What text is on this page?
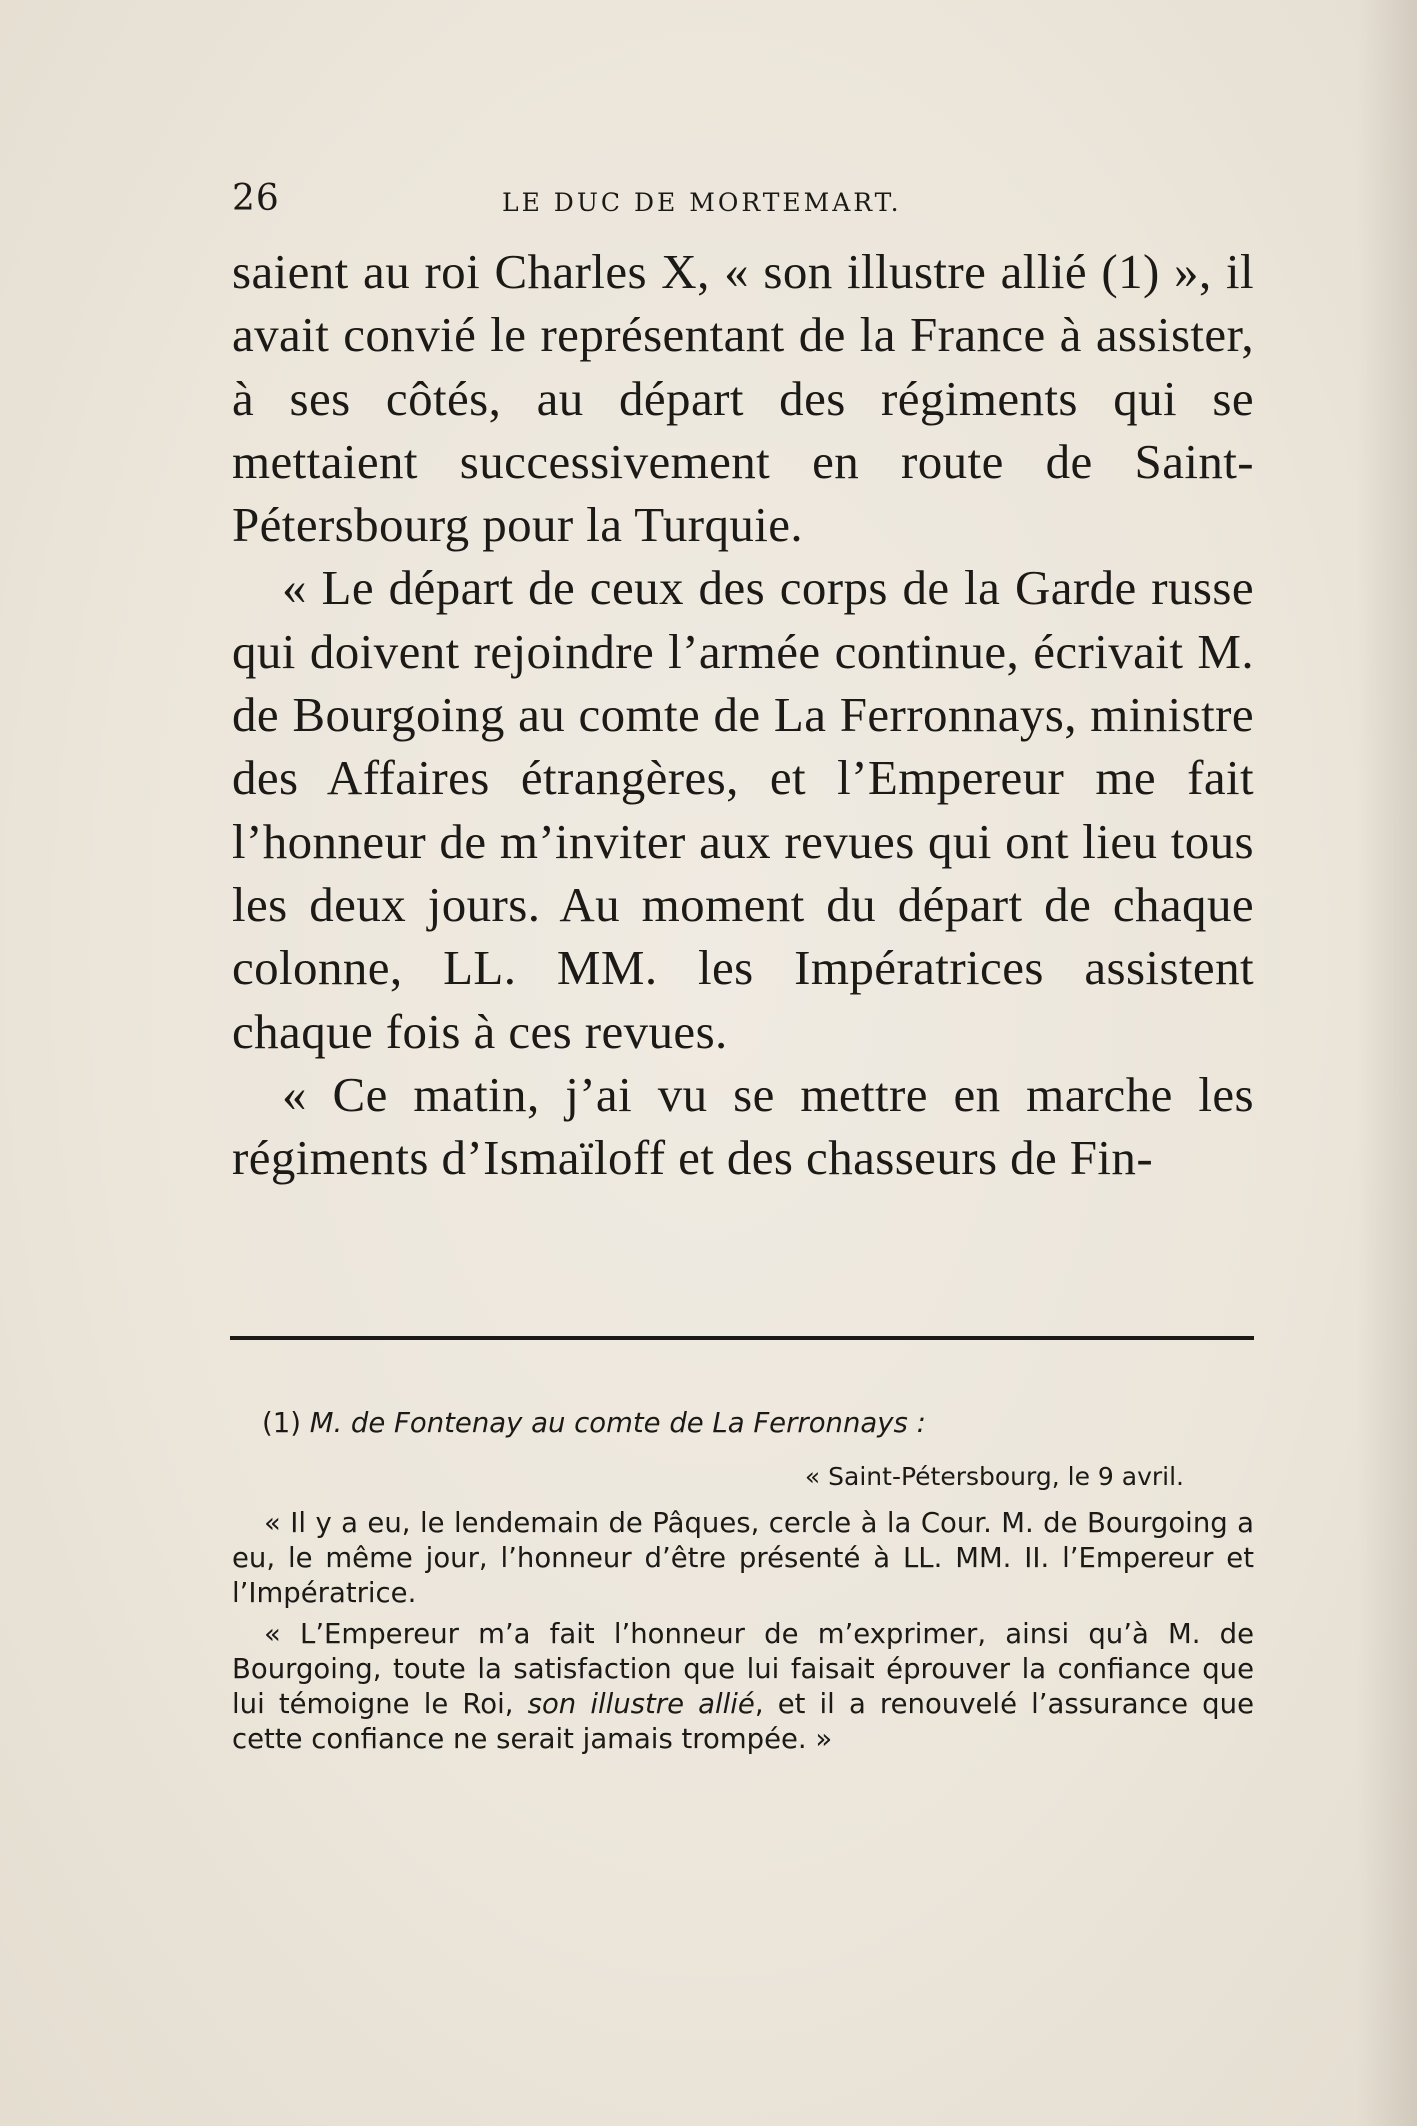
26	LE DUC DE MORTEMART.

saient au roi Charles X, « son illustre allié (1) », il avait convié le représentant de la France à assister, à ses côtés, au départ des régiments qui se mettaient successivement en route de Saint-Pétersbourg pour la Turquie.

« Le départ de ceux des corps de la Garde russe qui doivent rejoindre l’armée continue, écrivait M. de Bourgoing au comte de La Ferronnays, ministre des Affaires étrangères, et l’Empereur me fait l’honneur de m’inviter aux revues qui ont lieu tous les deux jours. Au moment du départ de chaque colonne, LL. MM. les Impératrices assistent chaque fois à ces revues.

« Ce matin, j’ai vu se mettre en marche les régiments d’Ismaïloff et des chasseurs de Fin-

(1) M. de Fontenay au comte de La Ferronnays :

« Saint-Pétersbourg, le 9 avril.

« Il y a eu, le lendemain de Pâques, cercle à la Cour. M. de Bourgoing a eu, le même jour, l’honneur d’être présenté à LL. MM. II. l’Empereur et l’Impératrice.

« L’Empereur m’a fait l’honneur de m’exprimer, ainsi qu’à M. de Bourgoing, toute la satisfaction que lui faisait éprouver la confiance que lui témoigne le Roi, son illustre allié, et il a renouvelé l’assurance que cette confiance ne serait jamais trompée. »
